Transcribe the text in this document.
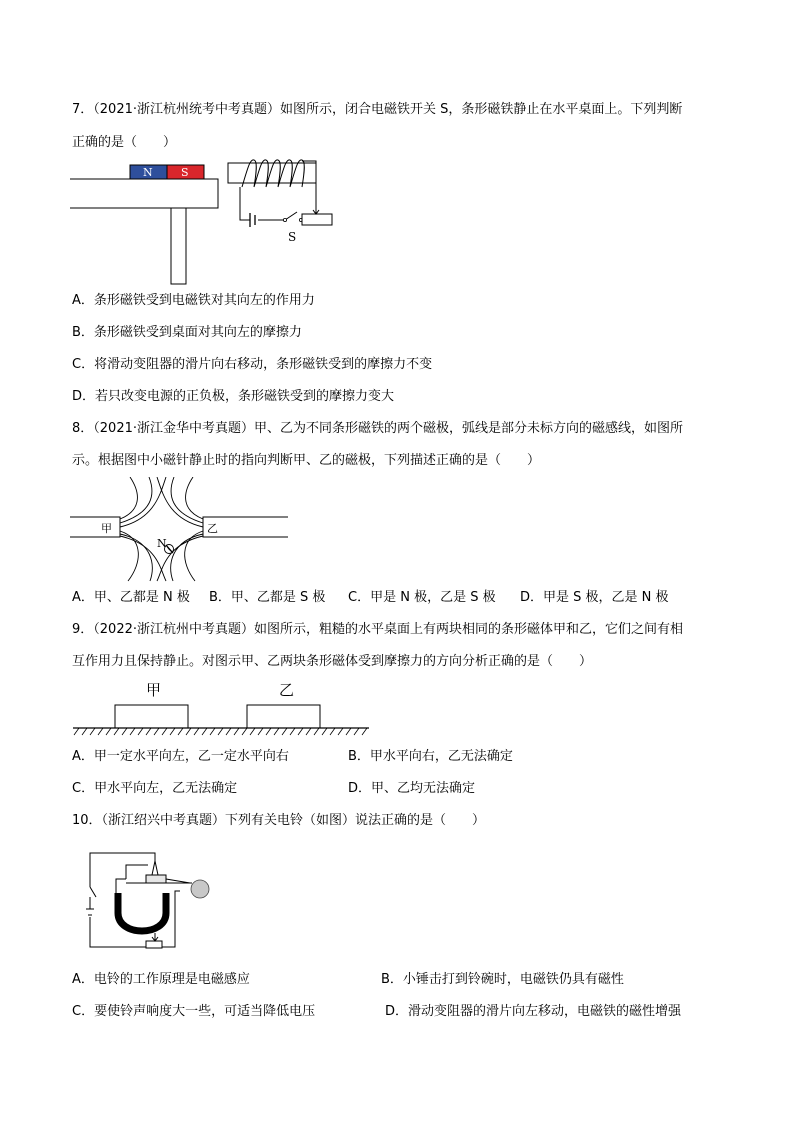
7．（2021·浙江杭州统考中考真题）如图所示，闭合电磁铁开关 S，条形磁铁静止在水平桌面上。下列判断
正确的是（　　）
N	S
S
A．条形磁铁受到电磁铁对其向左的作用力
B．条形磁铁受到桌面对其向左的摩擦力
C．将滑动变阻器的滑片向右移动，条形磁铁受到的摩擦力不变
D．若只改变电源的正负极，条形磁铁受到的摩擦力变大
8．（2021·浙江金华中考真题）甲、乙为不同条形磁铁的两个磁极，弧线是部分未标方向的磁感线，如图所
示。根据图中小磁针静止时的指向判断甲、乙的磁极，下列描述正确的是（　　）
甲	乙
N
A．甲、乙都是 N 极 B．甲、乙都是 S 极 C．甲是 N 极，乙是 S 极 D．甲是 S 极，乙是 N 极
9．（2022·浙江杭州中考真题）如图所示，粗糙的水平桌面上有两块相同的条形磁体甲和乙，它们之间有相
互作用力且保持静止。对图示甲、乙两块条形磁体受到摩擦力的方向分析正确的是（　　）
甲	乙
A．甲一定水平向左，乙一定水平向右	B．甲水平向右，乙无法确定
C．甲水平向左，乙无法确定	D．甲、乙均无法确定
10．（浙江绍兴中考真题）下列有关电铃（如图）说法正确的是（　　）
A．电铃的工作原理是电磁感应	B．小锤击打到铃碗时，电磁铁仍具有磁性
C．要使铃声响度大一些，可适当降低电压	D．滑动变阻器的滑片向左移动，电磁铁的磁性增强
